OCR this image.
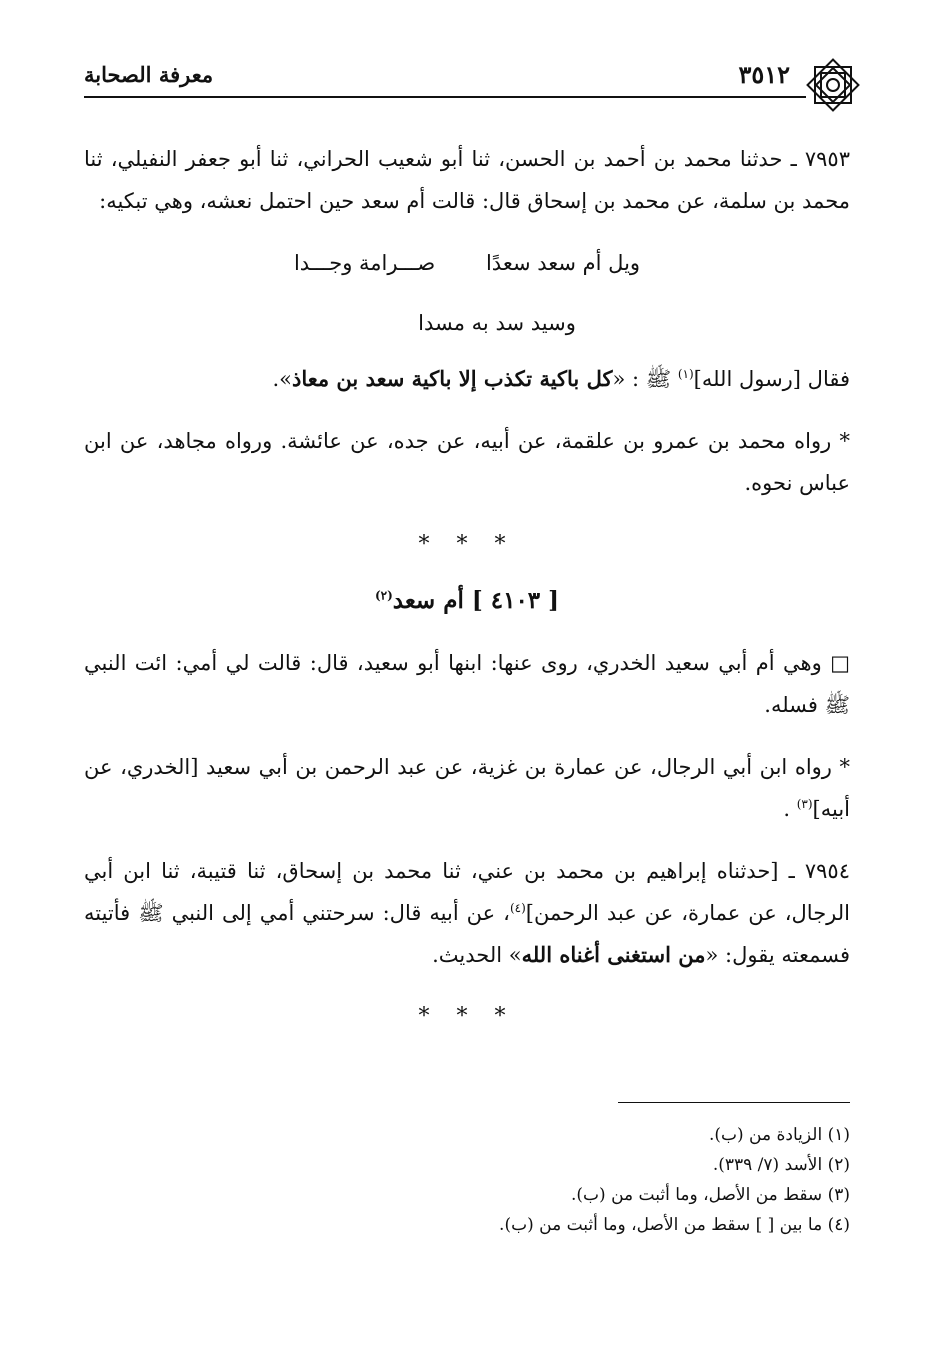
٣٥١٢
معرفة الصحابة

٧٩٥٣ ـ حدثنا محمد بن أحمد بن الحسن، ثنا أبو شعيب الحراني، ثنا أبو جعفر النفيلي، ثنا محمد بن سلمة، عن محمد بن إسحاق قال: قالت أم سعد حين احتمل نعشه، وهي تبكيه:

ويل أم سعد سعدًا صـــرامة وجـــدا
وسيد سد به مسدا

فقال [رسول الله]$^{(١)}$ ﷺ : «كل باكية تكذب إلا باكية سعد بن معاذ».

* رواه محمد بن عمرو بن علقمة، عن أبيه، عن جده، عن عائشة. ورواه مجاهد، عن ابن عباس نحوه.

* * *
[ ٤١٠٣ ] أم سعد$^{(٢)}$

□ وهي أم أبي سعيد الخدري، روى عنها: ابنها أبو سعيد، قال: قالت لي أمي: ائت النبي ﷺ فسله.

* رواه ابن أبي الرجال، عن عمارة بن غزية، عن عبد الرحمن بن أبي سعيد [الخدري، عن أبيه]$^{(٣)}$ .

٧٩٥٤ ـ [حدثناه إبراهيم بن محمد بن عني، ثنا محمد بن إسحاق، ثنا قتيبة، ثنا ابن أبي الرجال، عن عمارة، عن عبد الرحمن]$^{(٤)}$، عن أبيه قال: سرحتني أمي إلى النبي ﷺ فأتيته فسمعته يقول: «من استغنى أغناه الله» الحديث.

* * *
(١) الزيادة من (ب).
(٢) الأسد (٧/ ٣٣٩).
(٣) سقط من الأصل، وما أثبت من (ب).
(٤) ما بين [ ] سقط من الأصل، وما أثبت من (ب).
